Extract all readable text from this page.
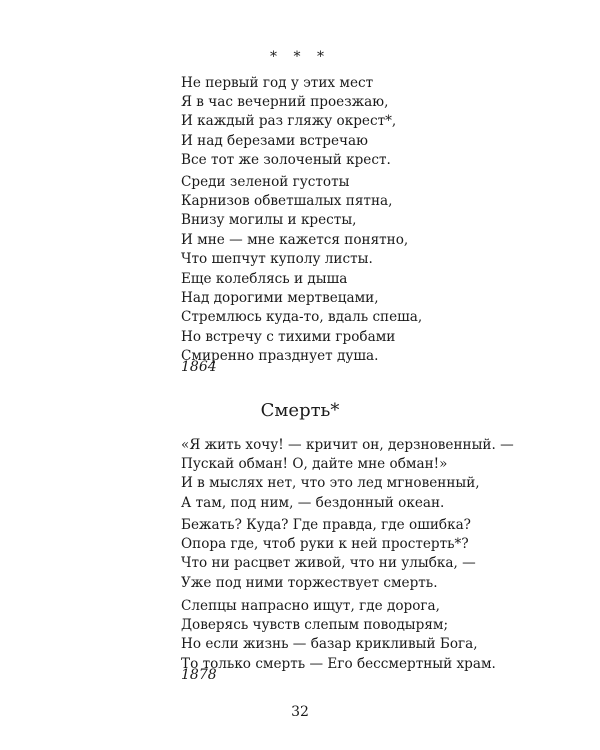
* * *
Не первый год у этих мест
Я в час вечерний проезжаю,
И каждый раз гляжу окрест*,
И над березами встречаю
Все тот же золоченый крест.
Среди зеленой густоты
Карнизов обветшалых пятна,
Внизу могилы и кресты,
И мне — мне кажется понятно,
Что шепчут куполу листы.
Еще колеблясь и дыша
Над дорогими мертвецами,
Стремлюсь куда-то, вдаль спеша,
Но встречу с тихими гробами
Смиренно празднует душа.
1864
Смерть*
«Я жить хочу! — кричит он, дерзновенный. —
Пускай обман! О, дайте мне обман!»
И в мыслях нет, что это лед мгновенный,
А там, под ним, — бездонный океан.
Бежать? Куда? Где правда, где ошибка?
Опора где, чтоб руки к ней простерть*?
Что ни расцвет живой, что ни улыбка, —
Уже под ними торжествует смерть.
Слепцы напрасно ищут, где дорога,
Доверясь чувств слепым поводырям;
Но если жизнь — базар крикливый Бога,
То только смерть — Его бессмертный храм.
1878
32
